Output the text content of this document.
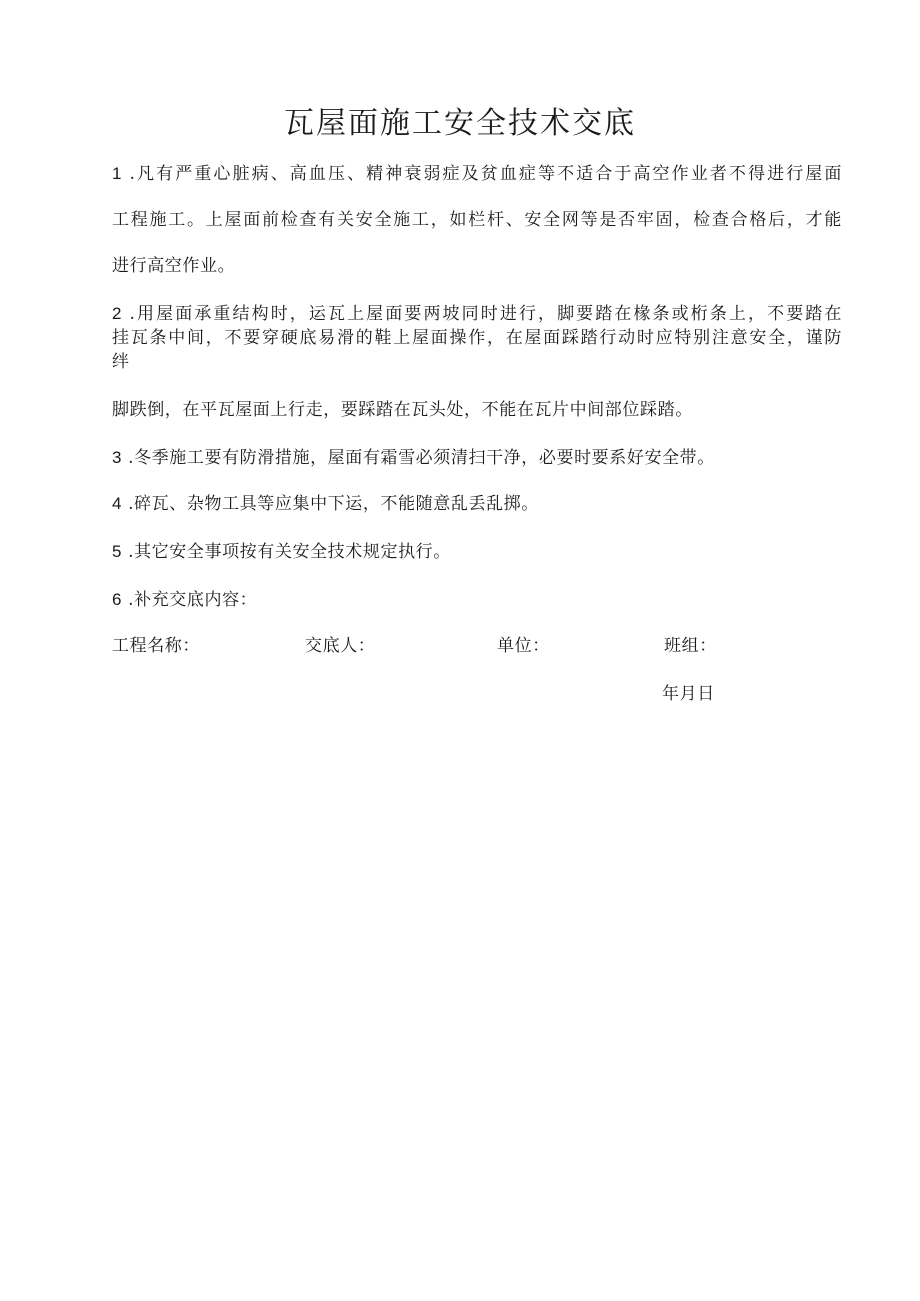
瓦屋面施工安全技术交底
1 .凡有严重心脏病、高血压、精神衰弱症及贫血症等不适合于高空作业者不得进行屋面
工程施工。上屋面前检查有关安全施工，如栏杆、安全网等是否牢固，检查合格后，才能
进行高空作业。
2 .用屋面承重结构时，运瓦上屋面要两坡同时进行，脚要踏在椽条或桁条上，不要踏在
挂瓦条中间，不要穿硬底易滑的鞋上屋面操作，在屋面踩踏行动时应特别注意安全，谨防
绊
脚跌倒，在平瓦屋面上行走，要踩踏在瓦头处，不能在瓦片中间部位踩踏。
3 .冬季施工要有防滑措施，屋面有霜雪必须清扫干净，必要时要系好安全带。
4 .碎瓦、杂物工具等应集中下运，不能随意乱丢乱掷。
5 .其它安全事项按有关安全技术规定执行。
6 .补充交底内容：
工程名称：	交底人：	单位：	班组：
年月日
